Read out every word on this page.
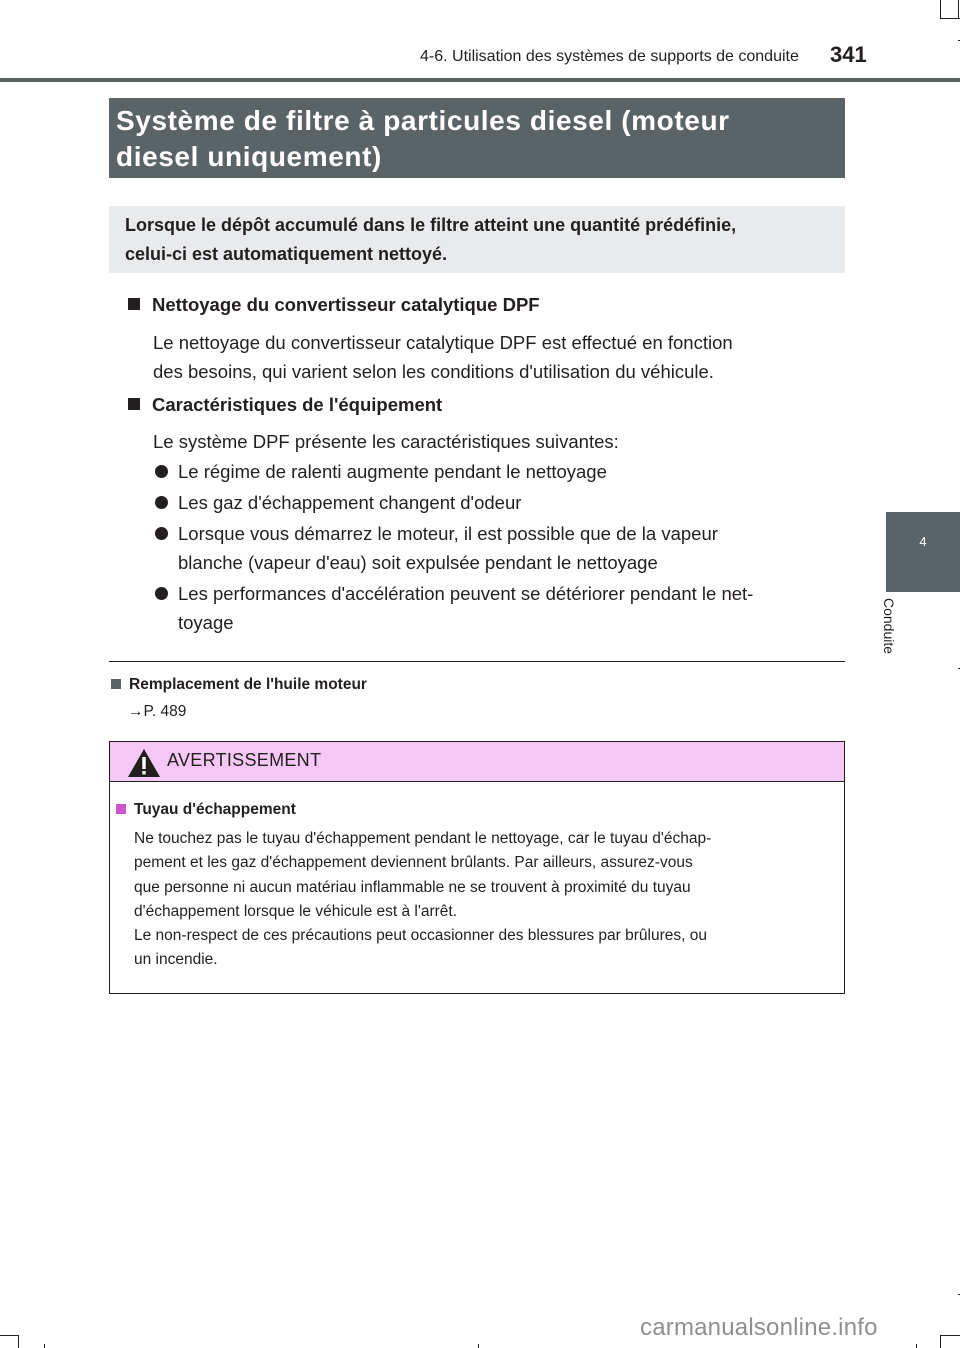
4-6. Utilisation des systèmes de supports de conduite 341
4
Conduite
Système de filtre à particules diesel (moteur
diesel uniquement)
Lorsque le dépôt accumulé dans le filtre atteint une quantité prédéfinie,
celui-ci est automatiquement nettoyé.
Nettoyage du convertisseur catalytique DPF
Le nettoyage du convertisseur catalytique DPF est effectué en fonction
des besoins, qui varient selon les conditions d'utilisation du véhicule.
Caractéristiques de l'équipement
Le système DPF présente les caractéristiques suivantes:
Le régime de ralenti augmente pendant le nettoyage
Les gaz d'échappement changent d'odeur
Lorsque vous démarrez le moteur, il est possible que de la vapeur
blanche (vapeur d'eau) soit expulsée pendant le nettoyage
Les performances d'accélération peuvent se détériorer pendant le net-
toyage
Remplacement de l'huile moteur
→P. 489
AVERTISSEMENT
Tuyau d'échappement
Ne touchez pas le tuyau d'échappement pendant le nettoyage, car le tuyau d'échap-
pement et les gaz d'échappement deviennent brûlants. Par ailleurs, assurez-vous
que personne ni aucun matériau inflammable ne se trouvent à proximité du tuyau
d'échappement lorsque le véhicule est à l'arrêt.
Le non-respect de ces précautions peut occasionner des blessures par brûlures, ou
un incendie.
carmanualsonline.info
